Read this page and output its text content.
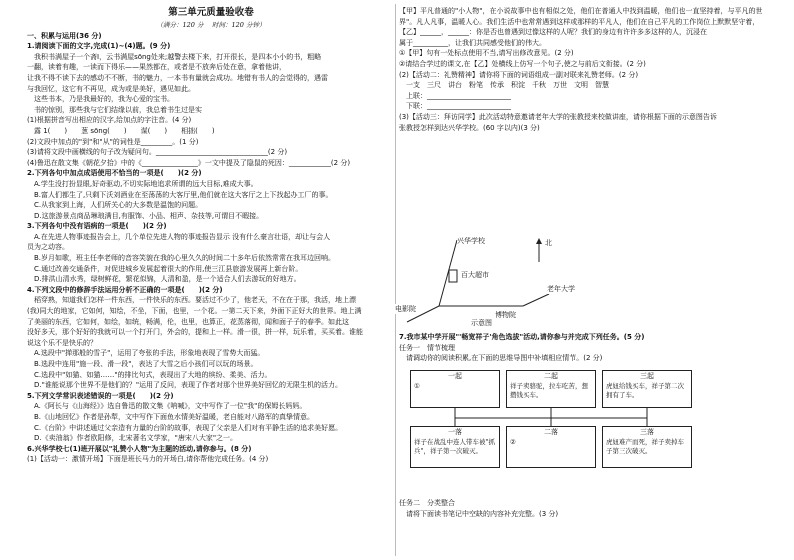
第三单元质量验收卷
（满分：120 分　 时间：120 分钟）
一、积累与运用(36 分)
1.请阅读下面的文字,完成(1)~(4)题。(9 分)
　我积书满屋子一个斋Ⅰ，云书满屋sōng处来;越警去楼下来，打开很长，是四本小小的书，粗略
一翻，读着有趣，一读而下得乐——果然都在，或者是不放奔后处在意，拿着他讲，
让我不得不读下去的感动不不断，书的魅力，一本书有量就会成功。地错有书人的会觉得的，遇雷
与我回忆，这它有不再见，成为或是美好，遇见如此。
　这些书本，乃是我最好的，我为心爱的宝书。
　书的惊别，那些我与它们结缘以前，我总着书生过是实
(1)根据拼音写出相应的汉字,给加点的字注音。(4 分)
　露 1(　　)　　葱 sōng(　　)　　谋(　　)　　相拙(　　)
(2)文段中加点的"到"和"从"的词性是_________。(1 分)
(3)请将文段中画横线的句子改为疑问句。________________________________(2 分)
(4)鲁迅在散文集《朝花夕拾》中的《________________》一文中提及了隐鼠的死因：____________(2 分)
2.下列各句中加点成语使用不恰当的一项是(　　)(2 分)
　A.学生没打扮显眼,好奇驱动,不切实际地追求所谓的远大目标,难成大事。
　B.富人们都生了,只剩下沃刘酒业在至荡荡的大客厅里,他们就在这大客厅之上下找起办工厂的事。
　C.从我家到上海，人们所关心的大多数是温饱的问题。
　D.这旅游景点商品琳琅满目,有服饰、小品、相声、杂技等,可谓目不暇接。
3.下列各句中没有语病的一项是(　　)(2 分)
　A.在先进人物事迹报告会上，几个单位先进人物的事迹报告显示 没有什么豪言壮语，却让与会人
员为之动容。
　B.岁月如歌，班主任李老师的音容笑貌在我的心里久久的时间二十多年后依然常常在我耳边回响。
　C.通过改善交通条件，对促进城乡发展起着很大的作用,使三江县旅游发展再上新台阶。
　D.排洪山清水秀，绿树鲜花，繁花似锦，人清和盈，是一个适合人们去游玩的好地方。
4.下列文段中的修辞手法运用分析不正确的一项是(　　)(2 分)
　稻穿熟，知道我们怎样一件东西，一件快乐的东西。要活过不少了，他老天，不在在于那，我活，地上漂
(我)同大的地家，它如何，知绘，不坐，下面，也里，一个花。一第二天下来，外面下正好大的世界。地上满
了美丽的东西，它如何，如绘，如统，畅满，伦，也里，也算正，花蒸落彻，闻和面子子的春季。如此这
没好多天，那个好好的我就可以一个打开门，外会的，提和上一样。滑一很，拼一样，玩乐着，买买着。谁能
说这个乐不是快乐的？
　A.选段中"掸那般的雪子"，运用了夸张的手法，形象地表现了雪势大而猛。
　B.选段中连用"施一段、滑一段"，表达了大雪之后小孩们可以玩的场景。
　C.选段中"如猫、如猫……"的排比句式，表现出了大地的缤纷、柔美、活力。
　D."谁能说那个世界不是他们的？"运用了反问，表现了作者对那个世界美好回忆的无限生机的活力。
5.下列文学常识表述错误的一项是(　　)(2 分)
　A.《阿长与《山海经》》选自鲁迅的散文集《呐喊》，文中写作了一位"我"的保姆长妈妈。
　B.《山地回忆》作者是孙犁，文中写作下面鱼水情美好温暖，老自能对八路军的真挚情意。
　C.《台阶》中讲述通过父亲造有力量的台阶的故事，表现了父亲是人们对有平静生活的追求美好愿。
　D.《卖油翁》作者欧阳修，北宋著名文学家，"唐宋八大家"之一。
6.兴华学校七(1)班开展以"礼赞小人物"为主题的活动,请你参与。(8 分)
(1)【活动一：激情开场】下面是班长马力的开场白,请你帮他完成任务。(4 分)
【甲】平凡普通的"小人物"，在小说故事中也有相似之处，他们在普通人中找到温暖，他们也一直坚持着，与平凡的世
界"。凡人凡事，温暖人心。我们生活中也常常遇到这样或那样的平凡人，他们在自己平凡的工作岗位上默默坚守着，
【乙】______，______：你是否也曾遇到过像这样的人呢？我们的身边有许许多多这样的人，沉浸在
属于__________，让我们共同感受他们的伟大。
①【甲】句有一处标点使用不当,请写出修改意见。(2 分)
②请结合学过的课文,在【乙】处横线上仿写一个句子,使之与前后文衔接。(2 分)
(2)【活动二：礼赞精神】请你将下面的词语组成一副对联来礼赞老师。(2 分)
　一支　三尺　讲台　粉笔　传承　积淀　千秋　万世　文明　智慧
　上联：________________________
　下联：________________________
(3)【活动三：拜访同学】此次活动特意邀请老年大学的张教授来校做讲座，请你根据下面的示意图告诉
张教授怎样到达兴华学校。(60 字以内)(3 分)
兴华学校	北
百大超市
电影院
博物院
老年大学
示意图
7.我市某中学开展"'畅宽祥子'角色选拔"活动,请你参与并完成下列任务。(5 分)
任务一　情节梳理
　请调动你的阅读积累,在下面的思维导图中补填相应情节。(2 分)
一起
①
二起
祥子卖骆驼，拉车吃苦，想攒钱买车。
三起
虎妞给钱买车，祥子第二次拥有了车。
一落
祥子在战乱中连人带车被"抓兵"，祥子第一次破灭。
二落
②
三落
虎妞难产而死，祥子卖掉车子第三次破灭。
任务二　分类整合
　请将下面读书笔记中空缺的内容补充完整。(3 分)
